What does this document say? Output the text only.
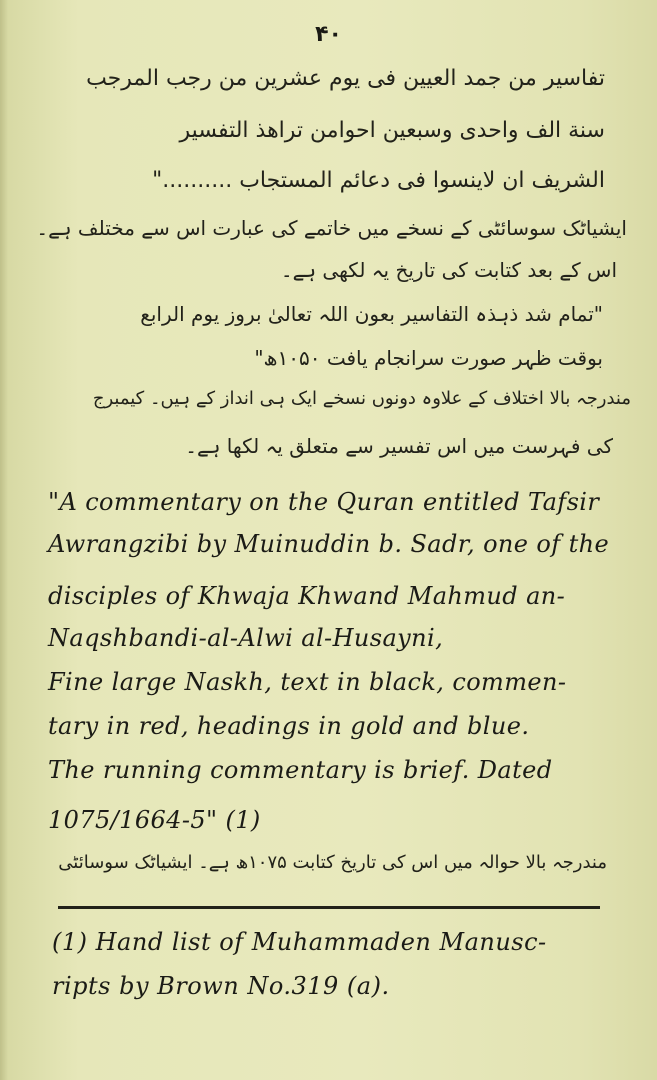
۴۰
تفاسیر من جمد العیین فی یوم عشرین من رجب المرجب
سنة الف واحدی وسبعین ا‌حوامن تراهذ التفسیر
الشریف ان لاینسوا فی دعائم المستجاب .........."
ایشیاٹک سوسائٹی کے نسخے میں خاتمے کی عبارت اس سے مختلف ہے۔
اس کے بعد کتابت کی تاریخ یہ لکھی ہے۔
"تمام شد ذہذہ التفاسیر بعون اللہ تعالیٰ بروز یوم الرابع
بوقت ظہر صورت سرانجام یافت ۱۰۵۰ھ"
مندرجہ بالا اختلاف کے علاوہ دونوں نسخے ایک ہی انداز کے ہیں۔ کیمبرج
کی فہرست میں اس تفسیر سے متعلق یہ لکھا ہے۔
"A commentary on the Quran entitled Tafsir
Awrangzibi by Muinuddin b. Sadr, one of the
disciples of Khwaja Khwand Mahmud an-
Naqshbandi-al-Alwi al-Husayni,
Fine large Naskh, text in black, commen-
tary in red, headings in gold and blue.
The running commentary is brief. Dated
1075/1664-5" (1)
مندرجہ بالا حوالہ میں اس کی تاریخ کتابت ۱۰۷۵ھ ہے۔ ایشیاٹک سوسائٹی
(1) Hand list of Muhammaden Manusc-
ripts by Brown No.319 (a).
